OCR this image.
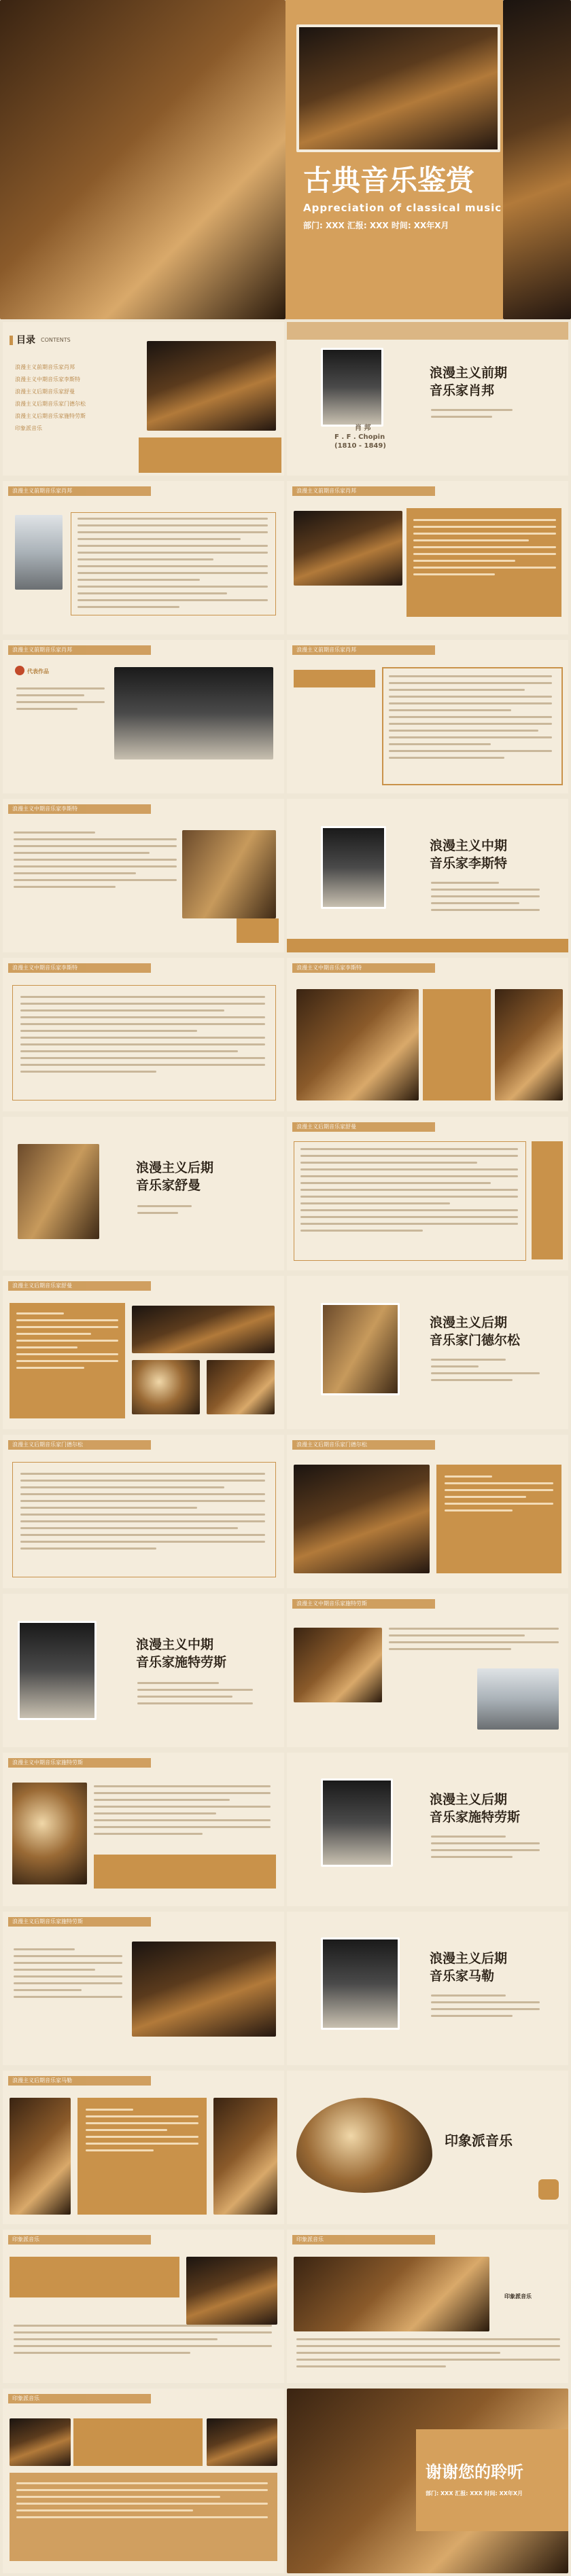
古典音乐鉴赏
Appreciation of classical music
部门: XXX 汇报: XXX 时间: XX年X月
目录 CONTENTS
浪漫主义前期音乐家肖邦
浪漫主义中期音乐家李斯特
浪漫主义后期音乐家舒曼
浪漫主义后期音乐家门德尔松
浪漫主义后期音乐家施特劳斯
印象派音乐	肖 邦
F . F . Chopin
(1810 - 1849)
浪漫主义前期
音乐家肖邦
浪漫主义前期音乐家肖邦	浪漫主义前期音乐家肖邦
浪漫主义前期音乐家肖邦
代表作品
浪漫主义前期音乐家肖邦
浪漫主义中期音乐家李斯特
浪漫主义中期
音乐家李斯特
浪漫主义中期音乐家李斯特	浪漫主义中期音乐家李斯特
浪漫主义后期
音乐家舒曼
浪漫主义后期音乐家舒曼
浪漫主义后期音乐家舒曼
浪漫主义后期
音乐家门德尔松
浪漫主义后期音乐家门德尔松	浪漫主义后期音乐家门德尔松
浪漫主义中期
音乐家施特劳斯
浪漫主义中期音乐家施特劳斯
浪漫主义中期音乐家施特劳斯
浪漫主义后期
音乐家施特劳斯
浪漫主义后期音乐家施特劳斯
浪漫主义后期
音乐家马勒
浪漫主义后期音乐家马勒
印象派音乐
印象派音乐	印象派音乐
印象派音乐
印象派音乐
谢谢您的聆听
部门: XXX 汇报: XXX 时间: XX年X月
